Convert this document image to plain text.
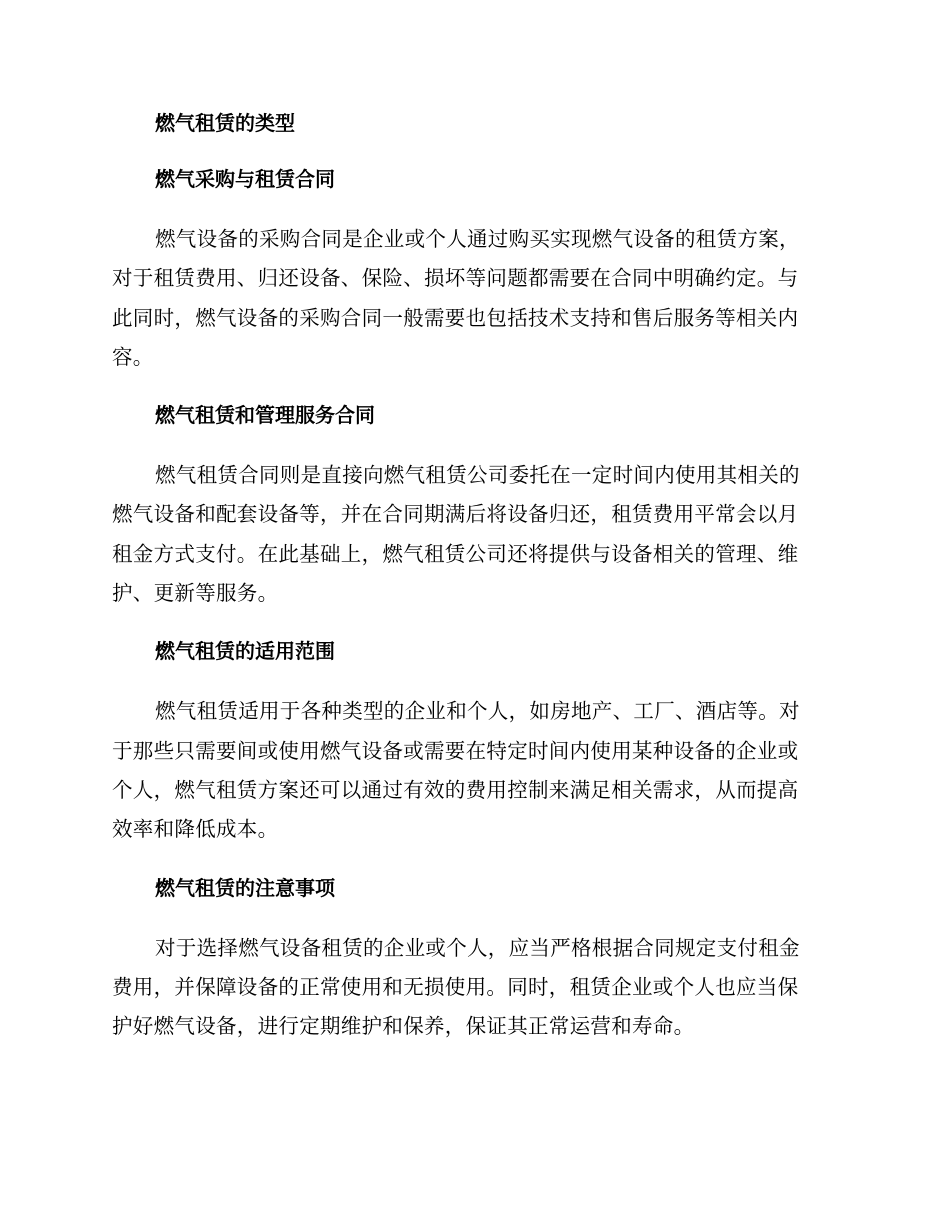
燃气租赁的类型
燃气采购与租赁合同
燃气设备的采购合同是企业或个人通过购买实现燃气设备的租赁方案，
对于租赁费用、归还设备、保险、损坏等问题都需要在合同中明确约定。与
此同时，燃气设备的采购合同一般需要也包括技术支持和售后服务等相关内
容。
燃气租赁和管理服务合同
燃气租赁合同则是直接向燃气租赁公司委托在一定时间内使用其相关的
燃气设备和配套设备等，并在合同期满后将设备归还，租赁费用平常会以月
租金方式支付。在此基础上，燃气租赁公司还将提供与设备相关的管理、维
护、更新等服务。
燃气租赁的适用范围
燃气租赁适用于各种类型的企业和个人，如房地产、工厂、酒店等。对
于那些只需要间或使用燃气设备或需要在特定时间内使用某种设备的企业或
个人，燃气租赁方案还可以通过有效的费用控制来满足相关需求，从而提高
效率和降低成本。
燃气租赁的注意事项
对于选择燃气设备租赁的企业或个人，应当严格根据合同规定支付租金
费用，并保障设备的正常使用和无损使用。同时，租赁企业或个人也应当保
护好燃气设备，进行定期维护和保养，保证其正常运营和寿命。
